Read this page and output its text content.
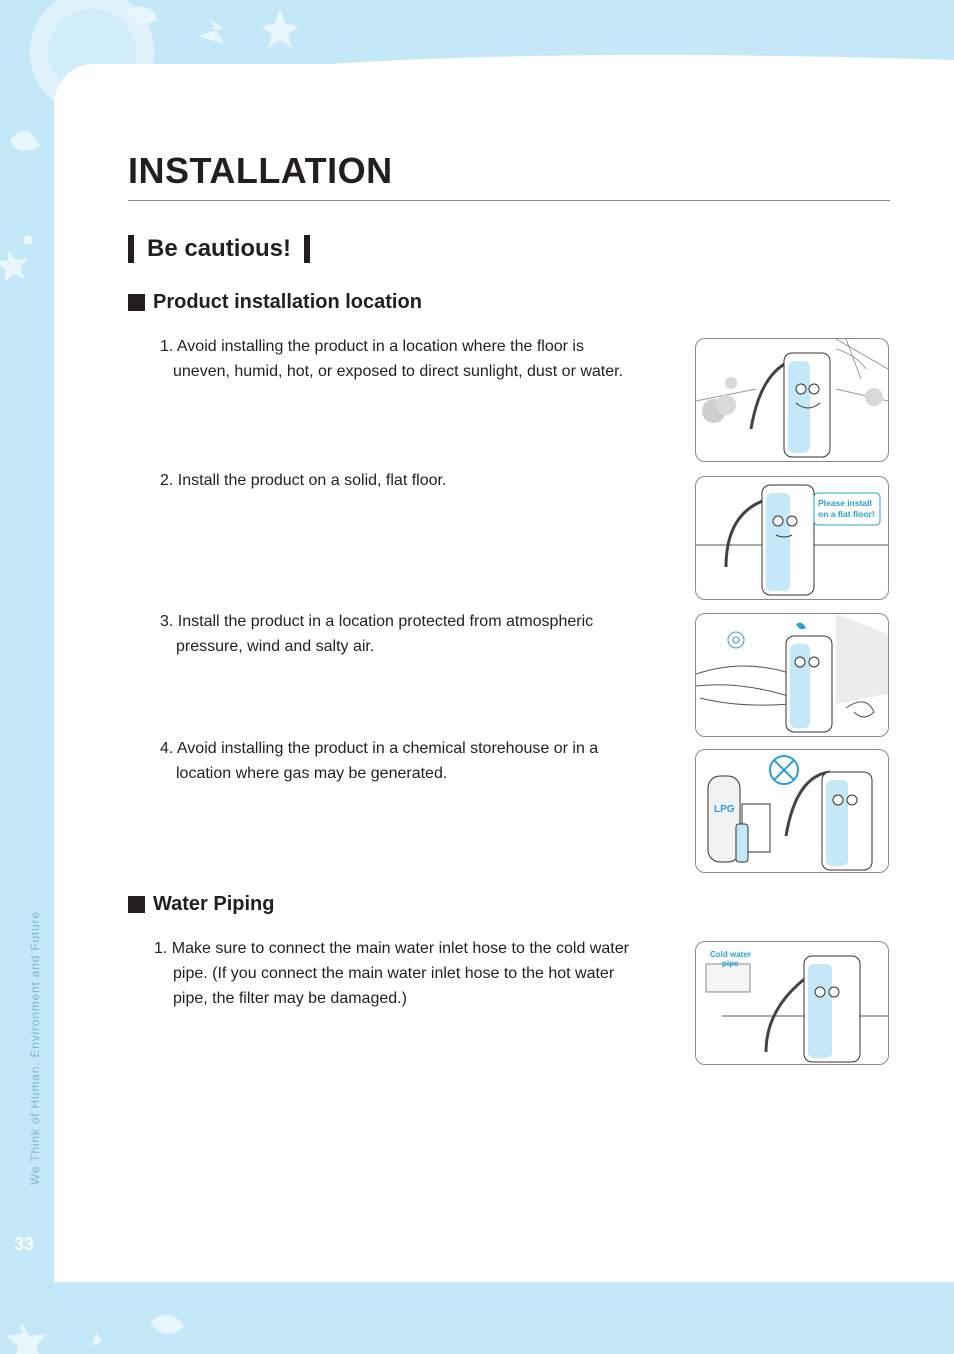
INSTALLATION
Be cautious!
Product installation location

1. Avoid installing the product in a location where the floor is

uneven, humid, hot, or exposed to direct sunlight, dust or water.

2. Install the product on a solid, flat floor.

3. Install the product in a location protected from atmospheric

pressure, wind and salty air.

4. Avoid installing the product in a chemical storehouse or in a

location where gas may be generated.

Please install
on a flat floor!
LPG
Water Piping

1. Make sure to connect the main water inlet hose to the cold water

pipe. (If you connect the main water inlet hose to the hot water

pipe, the filter may be damaged.)

Cold water
pipe
We Think of Human, Environment and Future
33
